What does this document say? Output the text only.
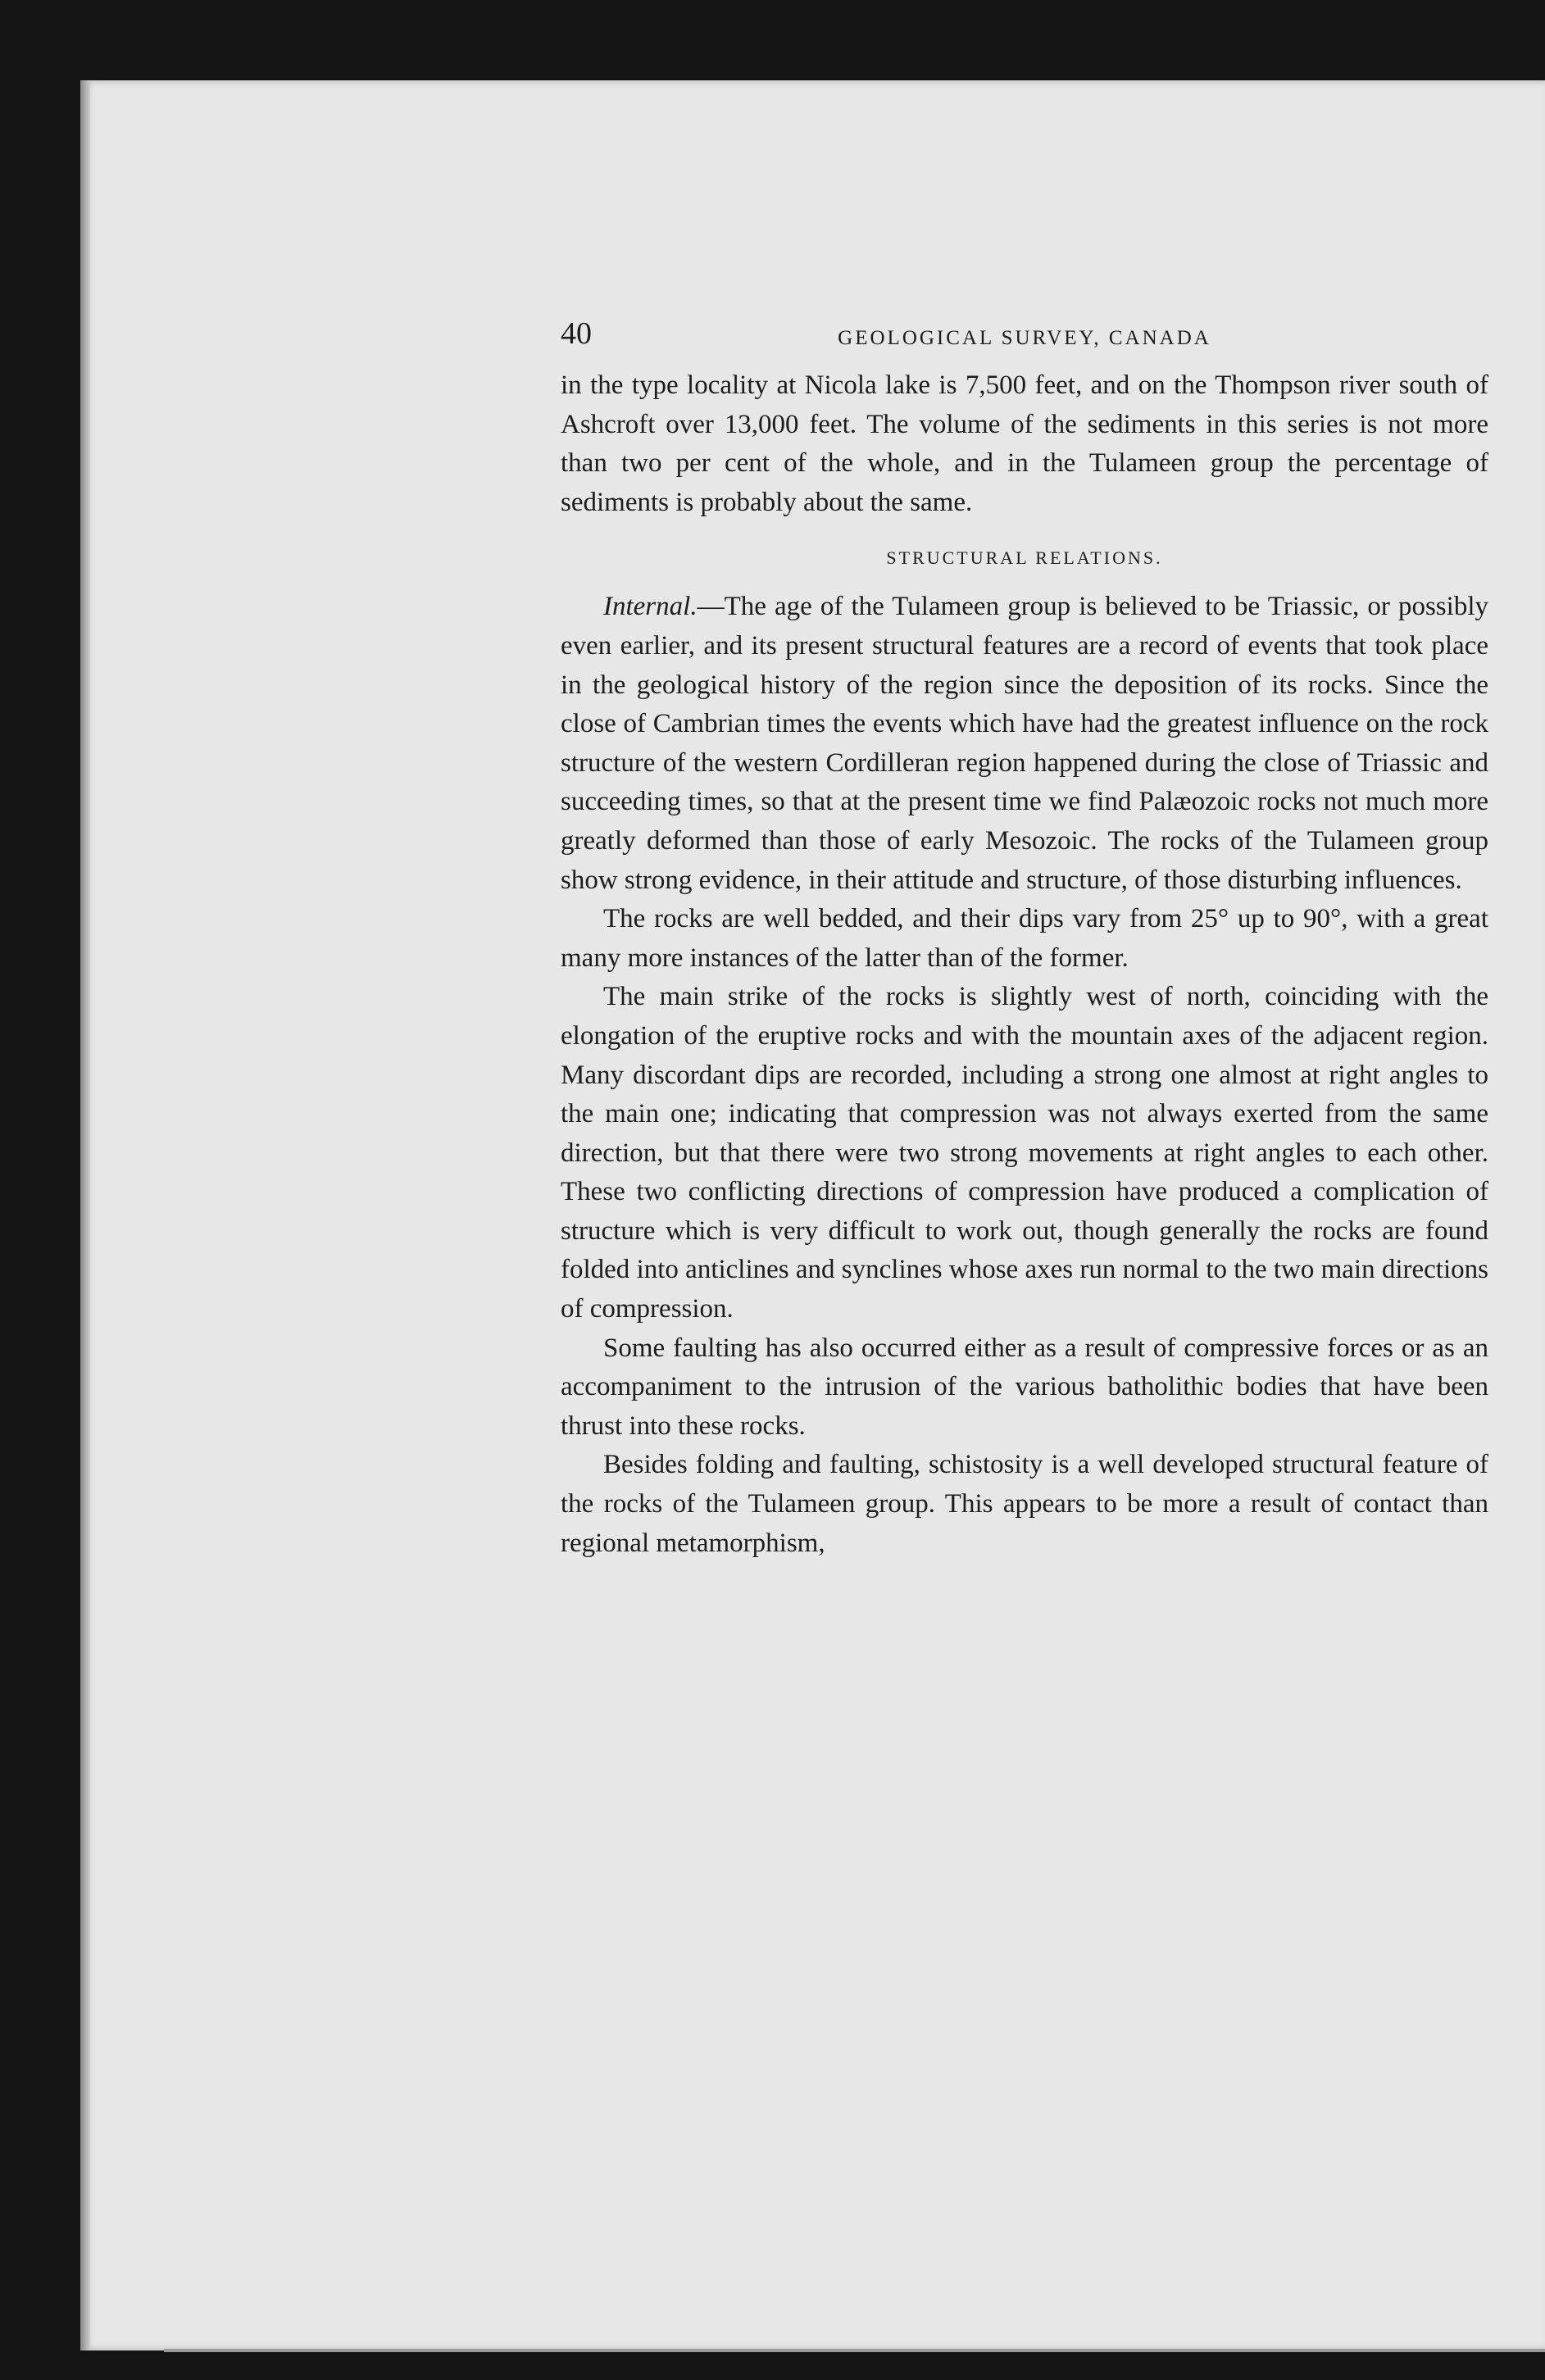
40	GEOLOGICAL SURVEY, CANADA

in the type locality at Nicola lake is 7,500 feet, and on the Thompson river south of Ashcroft over 13,000 feet. The volume of the sediments in this series is not more than two per cent of the whole, and in the Tulameen group the percentage of sediments is probably about the same.

STRUCTURAL RELATIONS.

Internal.—The age of the Tulameen group is believed to be Triassic, or possibly even earlier, and its present structural features are a record of events that took place in the geological history of the region since the deposition of its rocks. Since the close of Cambrian times the events which have had the greatest influence on the rock structure of the western Cordilleran region happened during the close of Triassic and succeeding times, so that at the present time we find Palæozoic rocks not much more greatly deformed than those of early Mesozoic. The rocks of the Tulameen group show strong evidence, in their attitude and structure, of those disturbing influences.

The rocks are well bedded, and their dips vary from 25° up to 90°, with a great many more instances of the latter than of the former.

The main strike of the rocks is slightly west of north, coinciding with the elongation of the eruptive rocks and with the mountain axes of the adjacent region. Many discordant dips are recorded, including a strong one almost at right angles to the main one; indicating that compression was not always exerted from the same direction, but that there were two strong movements at right angles to each other. These two conflicting directions of compression have produced a complication of structure which is very difficult to work out, though generally the rocks are found folded into anticlines and synclines whose axes run normal to the two main directions of compression.

Some faulting has also occurred either as a result of compressive forces or as an accompaniment to the intrusion of the various batholithic bodies that have been thrust into these rocks.

Besides folding and faulting, schistosity is a well developed structural feature of the rocks of the Tulameen group. This appears to be more a result of contact than regional metamorphism,
